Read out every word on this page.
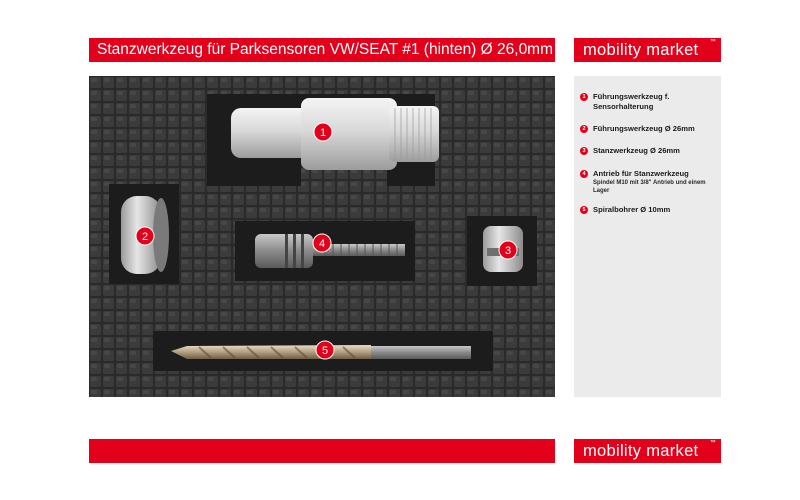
Stanzwerkzeug für Parksensoren VW/SEAT #1 (hinten) Ø 26,0mm mobility market ™
1
2
3
4
5
1 Führungswerkzeug f. Sensorhalterung
2 Führungswerkzeug Ø 26mm
3 Stanzwerkzeug Ø 26mm
4 Antrieb für Stanzwerkzeug
Spindel M10 mit 3/8" Antrieb und einem Lager
5 Spiralbohrer Ø 10mm
mobility market ™
